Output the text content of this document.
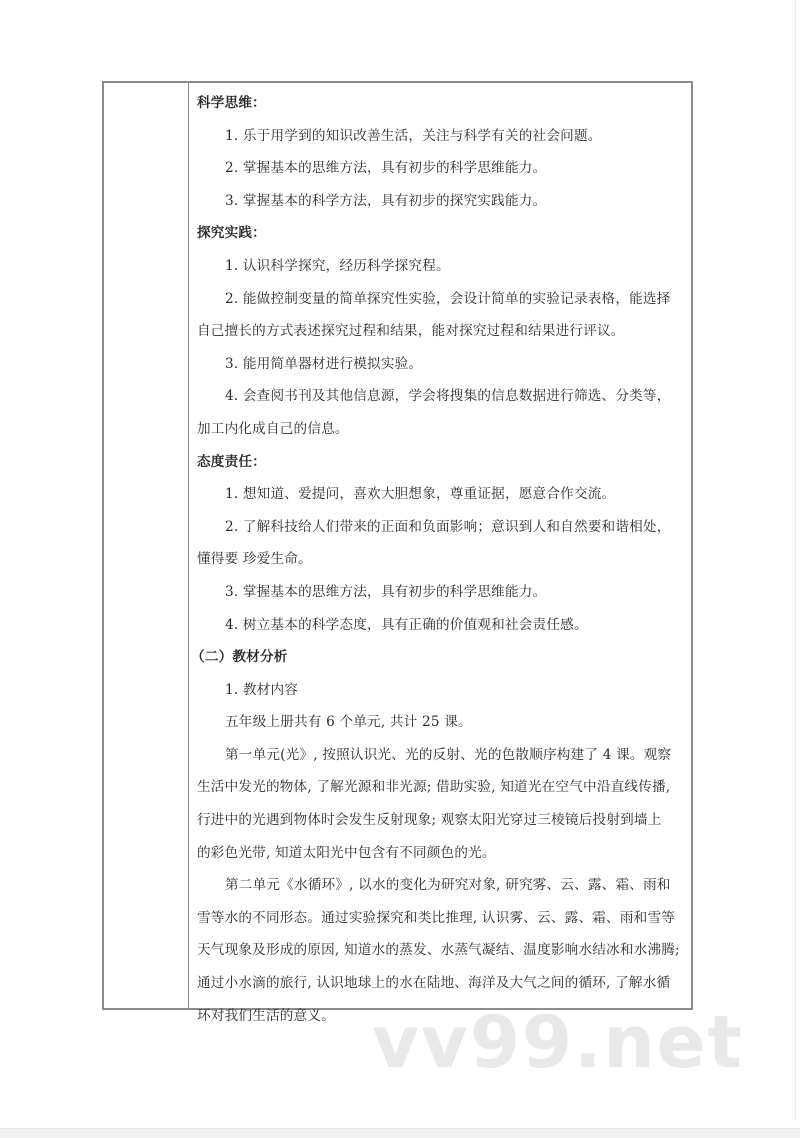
科学思维：
1. 乐于用学到的知识改善生活，关注与科学有关的社会问题。
2. 掌握基本的思维方法，具有初步的科学思维能力。
3. 掌握基本的科学方法，具有初步的探究实践能力。
探究实践：
1. 认识科学探究，经历科学探究程。
2. 能做控制变量的简单探究性实验，会设计简单的实验记录表格，能选择
自己擅长的方式表述探究过程和结果，能对探究过程和结果进行评议。
3. 能用简单器材进行模拟实验。
4. 会查阅书刊及其他信息源，学会将搜集的信息数据进行筛选、分类等，
加工内化成自己的信息。
态度责任：
1. 想知道、爱提问，喜欢大胆想象，尊重证据，愿意合作交流。
2. 了解科技给人们带来的正面和负面影响；意识到人和自然要和谐相处，
懂得要 珍爱生命。
3. 掌握基本的思维方法，具有初步的科学思维能力。
4. 树立基本的科学态度，具有正确的价值观和社会责任感。
（二）教材分析
1. 教材内容
五年级上册共有 6 个单元, 共计 25 课。
第一单元(光》, 按照认识光、光的反射、光的色散顺序构建了 4 课。观察
生活中发光的物体, 了解光源和非光源; 借助实验, 知道光在空气中沿直线传播,
行进中的光遇到物体时会发生反射现象; 观察太阳光穿过三棱镜后投射到墙上
的彩色光带, 知道太阳光中包含有不同颜色的光。
第二单元《水循环》, 以水的变化为研究对象, 研究雾、云、露、霜、雨和
雪等水的不同形态。通过实验探究和类比推理, 认识雾、云、露、霜、雨和雪等
天气现象及形成的原因, 知道水的蒸发、水蒸气凝结、温度影响水结冰和水沸腾;
通过小水滴的旅行, 认识地球上的水在陆地、海洋及大气之间的循环, 了解水循
环对我们生活的意义。 vv99.net
